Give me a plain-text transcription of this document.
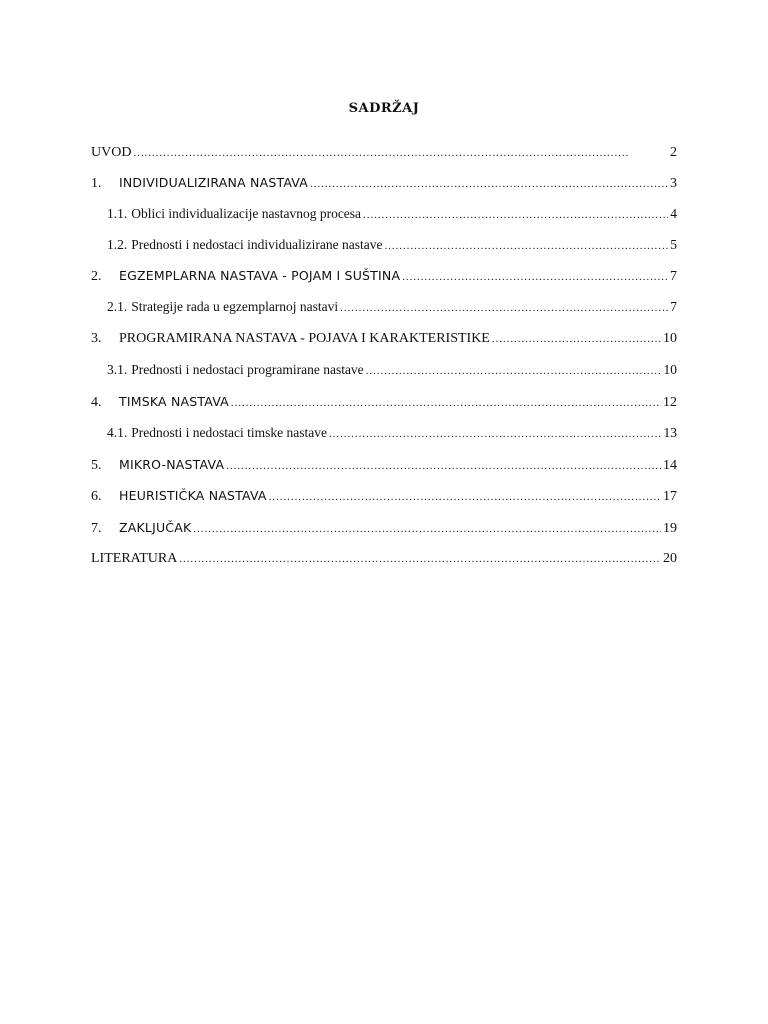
SADRŽAJ
UVOD . . .	2
1.	INDIVIDUALIZIRANA NASTAVA . . .	3
1.1. Oblici individualizacije nastavnog procesa . . .	4
1.2. Prednosti i nedostaci individualizirane nastave . . .	5
2.	EGZEMPLARNA NASTAVA - POJAM I SUŠTINA . . .	7
2.1. Strategije rada u egzemplarnoj nastavi . . .	7
3.	PROGRAMIRANA NASTAVA - POJAVA I KARAKTERISTIKE . . .	10
3.1. Prednosti i nedostaci programirane nastave . . .	10
4.	TIMSKA NASTAVA . . .	12
4.1. Prednosti i nedostaci timske nastave . . .	13
5.	MIKRO-NASTAVA . . .	14
6.	HEURISTIČKA NASTAVA . . .	17
7.	ZAKLJUČAK . . .	19
LITERATURA . . .	20
